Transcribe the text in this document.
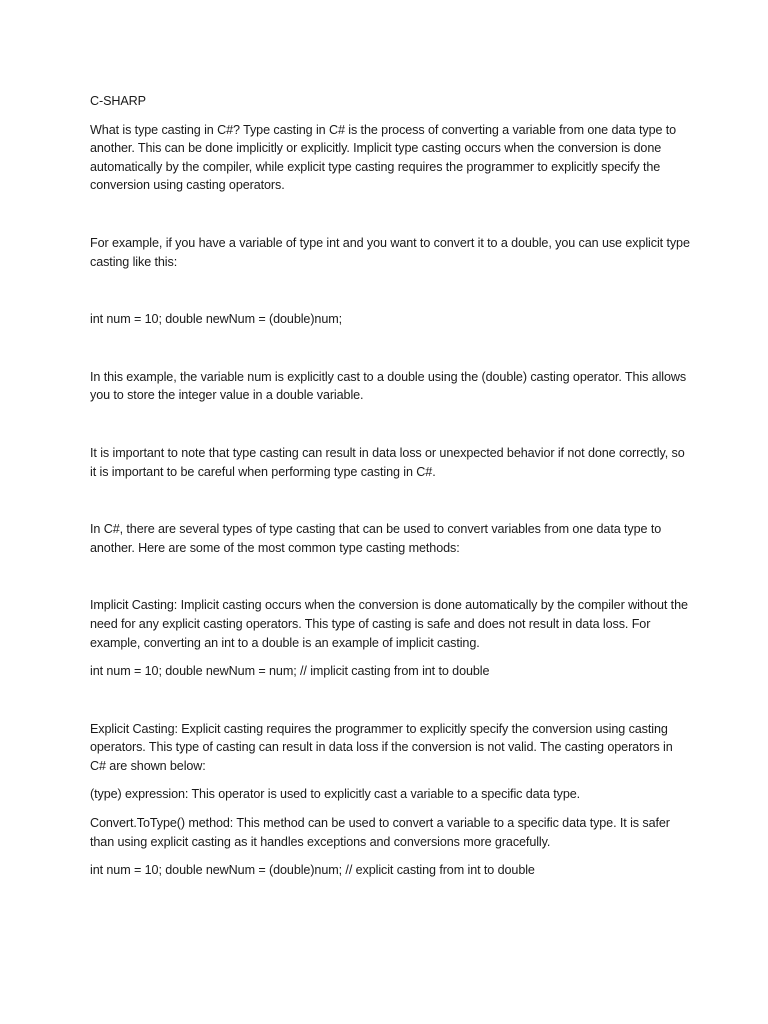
C-SHARP

What is type casting in C#? Type casting in C# is the process of converting a variable from one data type to another. This can be done implicitly or explicitly. Implicit type casting occurs when the conversion is done automatically by the compiler, while explicit type casting requires the programmer to explicitly specify the conversion using casting operators.

For example, if you have a variable of type int and you want to convert it to a double, you can use explicit type casting like this:

int num = 10; double newNum = (double)num;

In this example, the variable num is explicitly cast to a double using the (double) casting operator. This allows you to store the integer value in a double variable.

It is important to note that type casting can result in data loss or unexpected behavior if not done correctly, so it is important to be careful when performing type casting in C#.

In C#, there are several types of type casting that can be used to convert variables from one data type to another. Here are some of the most common type casting methods:

Implicit Casting: Implicit casting occurs when the conversion is done automatically by the compiler without the need for any explicit casting operators. This type of casting is safe and does not result in data loss. For example, converting an int to a double is an example of implicit casting.

int num = 10; double newNum = num; // implicit casting from int to double

Explicit Casting: Explicit casting requires the programmer to explicitly specify the conversion using casting operators. This type of casting can result in data loss if the conversion is not valid. The casting operators in C# are shown below:

(type) expression: This operator is used to explicitly cast a variable to a specific data type.

Convert.ToType() method: This method can be used to convert a variable to a specific data type. It is safer than using explicit casting as it handles exceptions and conversions more gracefully.

int num = 10; double newNum = (double)num; // explicit casting from int to double
